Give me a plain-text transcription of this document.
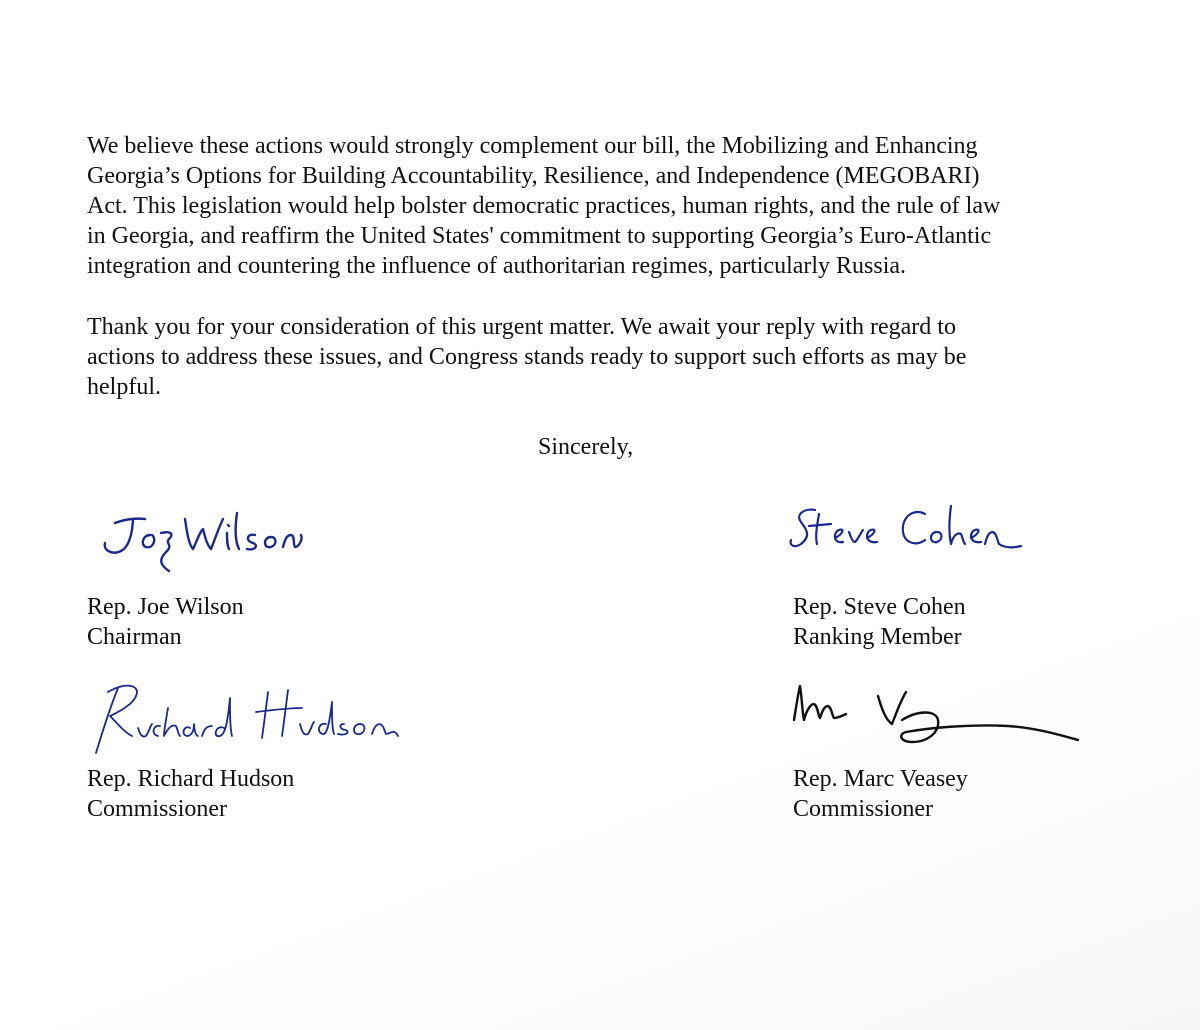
We believe these actions would strongly complement our bill, the Mobilizing and Enhancing
Georgia’s Options for Building Accountability, Resilience, and Independence (MEGOBARI)
Act. This legislation would help bolster democratic practices, human rights, and the rule of law
in Georgia, and reaffirm the United States' commitment to supporting Georgia’s Euro-Atlantic
integration and countering the influence of authoritarian regimes, particularly Russia.

Thank you for your consideration of this urgent matter. We await your reply with regard to
actions to address these issues, and Congress stands ready to support such efforts as may be
helpful.

Sincerely,
Rep. Joe Wilson
Chairman
Rep. Steve Cohen
Ranking Member
Rep. Richard Hudson
Commissioner
Rep. Marc Veasey
Commissioner
